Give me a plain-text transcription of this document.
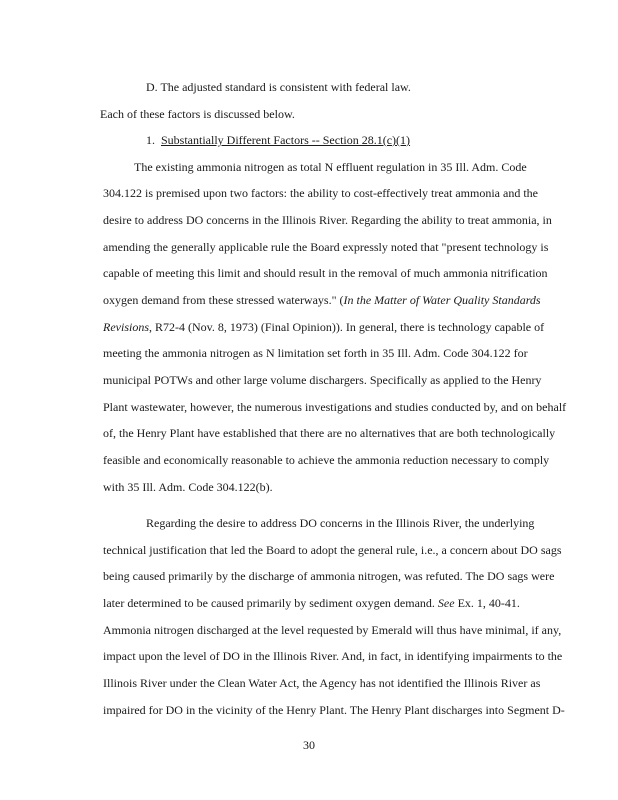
D. The adjusted standard is consistent with federal law.
Each of these factors is discussed below.
1. Substantially Different Factors -- Section 28.1(c)(1)
The existing ammonia nitrogen as total N effluent regulation in 35 Ill. Adm. Code
304.122 is premised upon two factors: the ability to cost-effectively treat ammonia and the
desire to address DO concerns in the Illinois River. Regarding the ability to treat ammonia, in
amending the generally applicable rule the Board expressly noted that "present technology is
capable of meeting this limit and should result in the removal of much ammonia nitrification
oxygen demand from these stressed waterways." (In the Matter of Water Quality Standards
Revisions, R72-4 (Nov. 8, 1973) (Final Opinion)). In general, there is technology capable of
meeting the ammonia nitrogen as N limitation set forth in 35 Ill. Adm. Code 304.122 for
municipal POTWs and other large volume dischargers. Specifically as applied to the Henry
Plant wastewater, however, the numerous investigations and studies conducted by, and on behalf
of, the Henry Plant have established that there are no alternatives that are both technologically
feasible and economically reasonable to achieve the ammonia reduction necessary to comply
with 35 Ill. Adm. Code 304.122(b).
Regarding the desire to address DO concerns in the Illinois River, the underlying
technical justification that led the Board to adopt the general rule, i.e., a concern about DO sags
being caused primarily by the discharge of ammonia nitrogen, was refuted. The DO sags were
later determined to be caused primarily by sediment oxygen demand. See Ex. 1, 40-41.
Ammonia nitrogen discharged at the level requested by Emerald will thus have minimal, if any,
impact upon the level of DO in the Illinois River. And, in fact, in identifying impairments to the
Illinois River under the Clean Water Act, the Agency has not identified the Illinois River as
impaired for DO in the vicinity of the Henry Plant. The Henry Plant discharges into Segment D-
30
